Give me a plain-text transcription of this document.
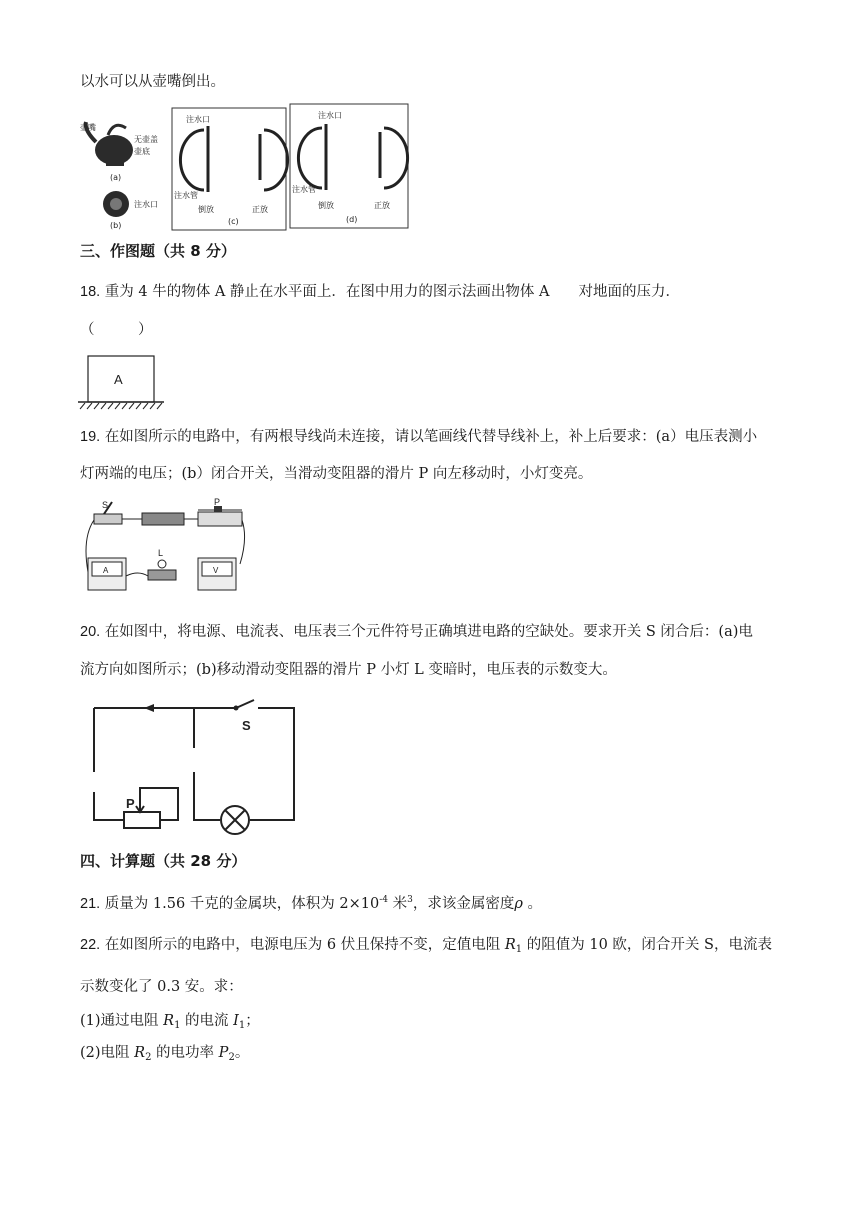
以水可以从壶嘴倒出。
壶嘴
无壶盖
壶底
(a)
注水口
(b)
注水口
注水管
倒放	正放
(c)
注水口
注水管
倒放	正放
(d)
三、作图题（共 8 分）
18. 重为 4 牛的物体 A 静止在水平面上．在图中用力的图示法画出物体 A　　对地面的压力．
（　　　）
A
19. 在如图所示的电路中，有两根导线尚未连接，请以笔画线代替导线补上，补上后要求：(a）电压表测小
灯两端的电压；(b）闭合开关，当滑动变阻器的滑片 P 向左移动时，小灯变亮。
S	P
A
L
V
20. 在如图中，将电源、电流表、电压表三个元件符号正确填进电路的空缺处。要求开关 S 闭合后：(a)电
流方向如图所示；(b)移动滑动变阻器的滑片 P 小灯 L 变暗时，电压表的示数变大。
S
P
四、计算题（共 28 分）
21. 质量为 1.56 千克的金属块，体积为 $2\times 10^{-4}$ 米$^3$，求该金属密度ρ 。
22. 在如图所示的电路中，电源电压为 6 伏且保持不变，定值电阻 $R_1$ 的阻值为 10 欧，闭合开关 S，电流表
示数变化了 0.3 安。求：
(1)通过电阻 $R_1$ 的电流 $I_1$；
(2)电阻 $R_2$ 的电功率 $P_2$。
